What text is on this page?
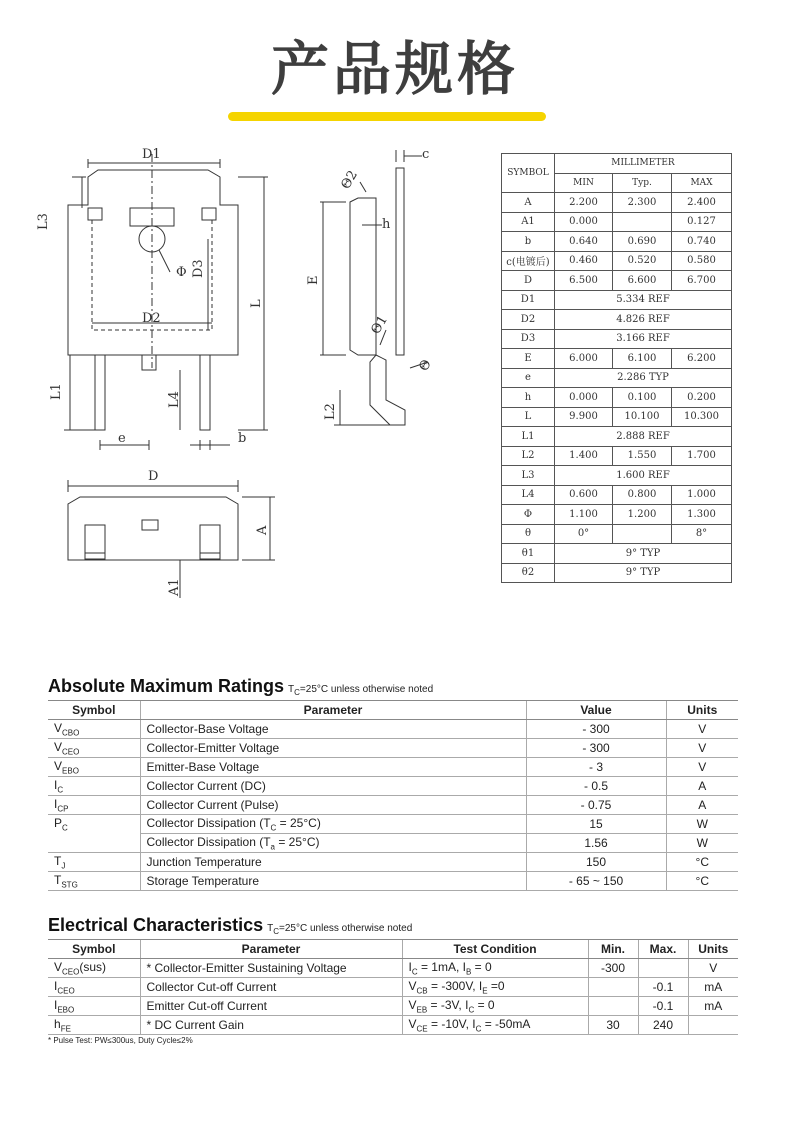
产品规格
D1
L3
Φ D3
D2
L
L1	L4
e	b
c
Θ2
h
E
Θ1
Θ
L2
D
A
A1
SYMBOL	MILLIMETER		
	MIN	Typ.	MAX
A	2.200	2.300	2.400
A1	0.000		0.127
b	0.640	0.690	0.740
c(电镀后)	0.460	0.520	0.580
D	6.500	6.600	6.700
D1	5.334 REF		
D2	4.826 REF		
D3	3.166 REF		
E	6.000	6.100	6.200
e	2.286 TYP		
h	0.000	0.100	0.200
L	9.900	10.100	10.300
L1	2.888 REF		
L2	1.400	1.550	1.700
L3	1.600 REF		
L4	0.600	0.800	1.000
Φ	1.100	1.200	1.300
θ	0°		8°
θ1	9° TYP		
θ2	9° TYP		
Absolute Maximum Ratings $T_C=25^\circ C$ unless otherwise noted
Symbol	Parameter	Value	Units
$V_{CBO}$	Collector-Base Voltage	- 300	V
$V_{CEO}$	Collector-Emitter Voltage	- 300	V
$V_{EBO}$	Emitter-Base Voltage	- 3	V
$I_C$	Collector Current (DC)	- 0.5	A
$I_{CP}$	Collector Current (Pulse)	- 0.75	A
$P_C$	Collector Dissipation $(T_C = 25^\circ C)$	15	W
	Collector Dissipation $(T_a = 25^\circ C)$	1.56	W
$T_J$	Junction Temperature	150	°C
$T_{STG}$	Storage Temperature	- 65 ~ 150	°C
Electrical Characteristics $T_C=25^\circ C$ unless otherwise noted
Symbol	Parameter	Test Condition	Min.	Max.	Units
$V_{CEO}(sus)$	* Collector-Emitter Sustaining Voltage	$I_C = 1mA$, $I_B = 0$	-300		V
$I_{CEO}$	Collector Cut-off Current	$V_{CB} = -300V$, $I_E =0$		-0.1	mA
$I_{EBO}$	Emitter Cut-off Current	$V_{EB} = -3V$, $I_C = 0$		-0.1	mA
$h_{FE}$	* DC Current Gain	$V_{CE} = -10V$, $I_C = -50mA$	30	240	
* Pulse Test: PW≤300us, Duty Cycle≤2%
